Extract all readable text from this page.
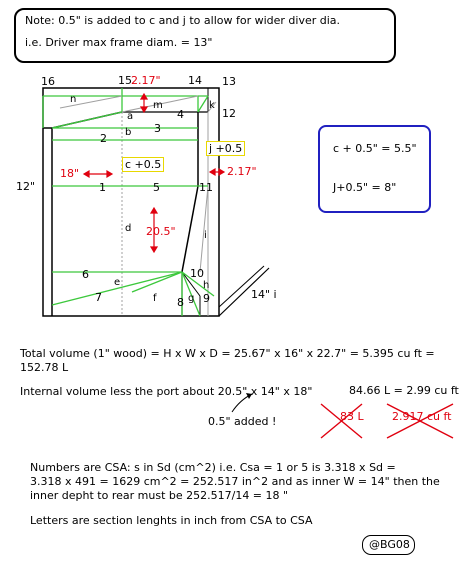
Note: 0.5" is added to c and j to allow for wider diver dia.
i.e. Driver max frame diam. = 13"
16	15	14 13
12
4
3
2
1	5	11
10
6
7	8 9
n
m
a
b
k
d
i
e
f	g
h
c +0.5
j +0.5
2.17"
18"	2.17"
12"
20.5"
14" i
c + 0.5" = 5.5"
J+0.5" = 8"
Total volume (1" wood) = H x W x D = 25.67" x 16" x 22.7" = 5.395 cu ft =
152.78 L
Internal volume less the port about 20.5" x 14" x 18"	84.66 L = 2.99 cu ft
0.5" added !	83 L	2.917 cu ft
Numbers are CSA: s in Sd (cm^2) i.e. Csa = 1 or 5 is 3.318 x Sd =
3.318 x 491 = 1629 cm^2 = 252.517 in^2 and as inner W = 14" then the
inner depht to rear must be 252.517/14 = 18 "
Letters are section lenghts in inch from CSA to CSA
@BG08
